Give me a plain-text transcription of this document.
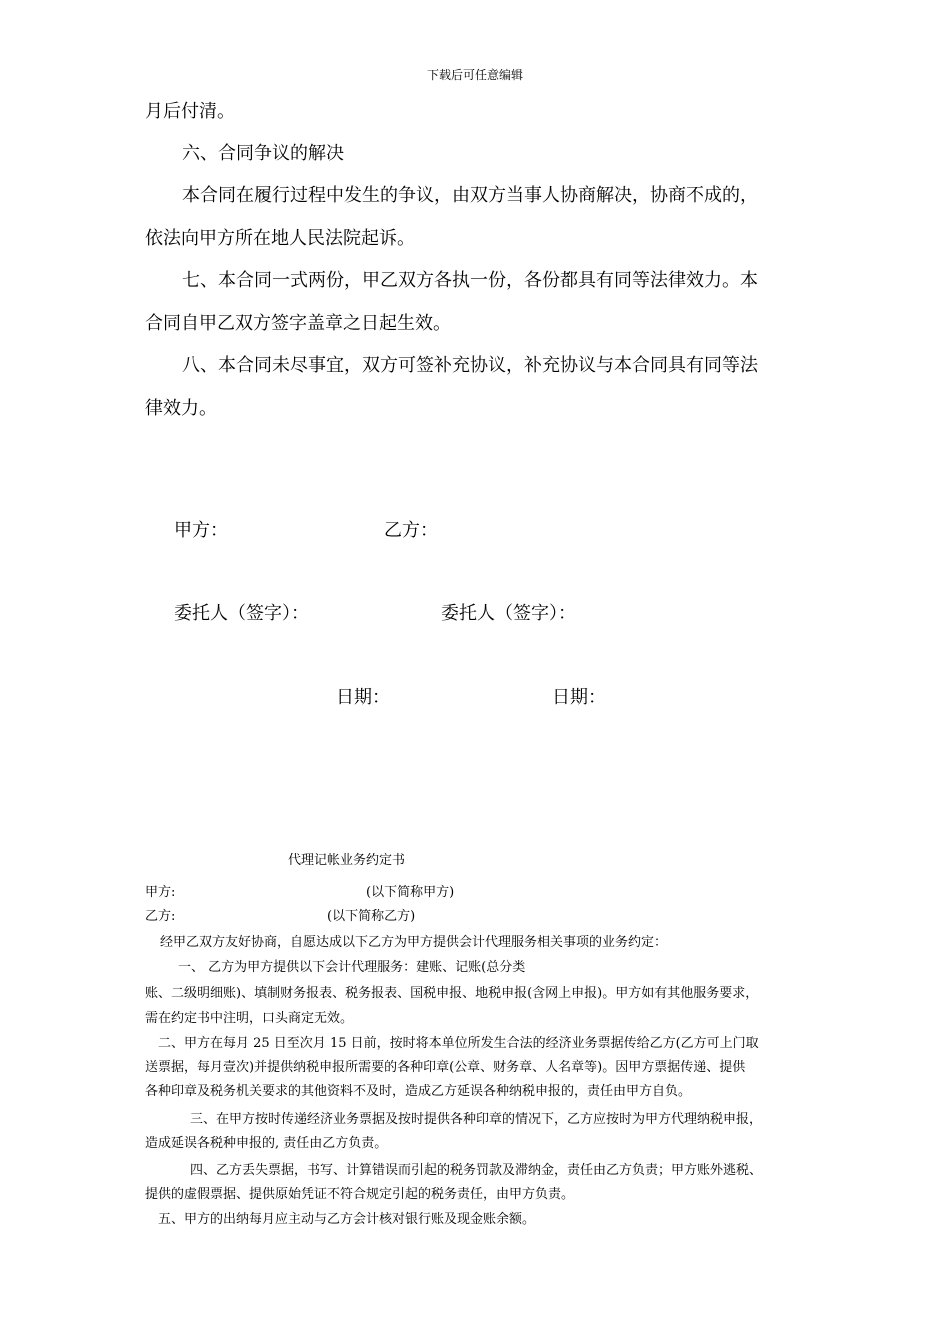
下载后可任意编辑
月后付清。
六、合同争议的解决
本合同在履行过程中发生的争议，由双方当事人协商解决，协商不成的，
依法向甲方所在地人民法院起诉。
七、本合同一式两份，甲乙双方各执一份，各份都具有同等法律效力。本
合同自甲乙双方签字盖章之日起生效。
八、本合同未尽事宜，双方可签补充协议，补充协议与本合同具有同等法
律效力。
甲方：	乙方：
委托人（签字）：	委托人（签字）：
日期：	日期：
代理记帐业务约定书
甲方:	(以下简称甲方)
乙方:	(以下简称乙方)
经甲乙双方友好协商，自愿达成以下乙方为甲方提供会计代理服务相关事项的业务约定：
一、 乙方为甲方提供以下会计代理服务：建账、记账(总分类
账、二级明细账)、填制财务报表、税务报表、国税申报、地税申报(含网上申报)。甲方如有其他服务要求，
需在约定书中注明，口头商定无效。
二、甲方在每月 25 日至次月 15 日前，按时将本单位所发生合法的经济业务票据传给乙方(乙方可上门取
送票据，每月壹次)并提供纳税申报所需要的各种印章(公章、财务章、人名章等)。因甲方票据传递、提供
各种印章及税务机关要求的其他资料不及时，造成乙方延误各种纳税申报的，责任由甲方自负。
三、在甲方按时传递经济业务票据及按时提供各种印章的情况下，乙方应按时为甲方代理纳税申报，
造成延误各税种申报的, 责任由乙方负责。
四、乙方丢失票据，书写、计算错误而引起的税务罚款及滞纳金，责任由乙方负责；甲方账外逃税、
提供的虚假票据、提供原始凭证不符合规定引起的税务责任，由甲方负责。
五、甲方的出纳每月应主动与乙方会计核对银行账及现金账余额。
